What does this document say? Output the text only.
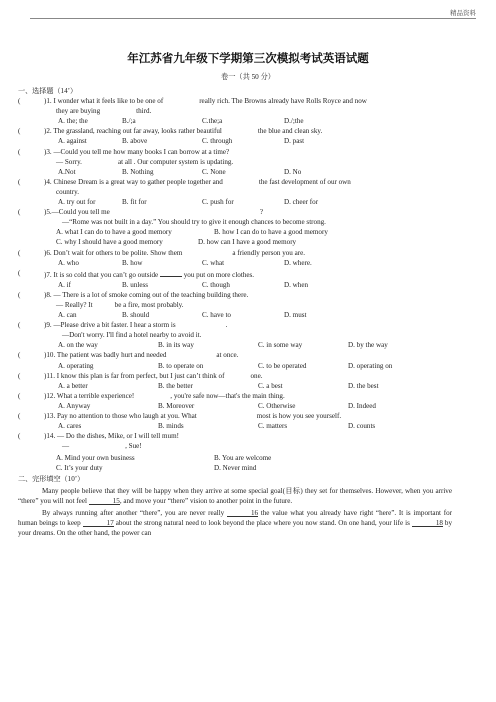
精品资料
年江苏省九年级下学期第三次模拟考试英语试题
卷一（共 50 分）
一、选择题（14’）
(	)1. I wonder what it feels like to be one of	really rich. The Browns already have Rolls Royce and now
they are buying	third.
A. the; the	B./;a	C.the;a	D./;the
(	)2. The grassland, reaching out far away, looks rather beautiful	the blue and clean sky.
A. against	B. above	C. through	D. past
(	)3. —Could you tell me how many books I can borrow at a time?
— Sorry.	at all . Our computer system is updating.
A.Not	B. Nothing	C. None	D. No
(	)4. Chinese Dream is a great way to gather people together and	the fast development of our own
country.
A. try out for	B. fit for	C. push for	D. cheer for
(	)5.—Could you tell me	?
—“Rome was not built in a day.” You should try to give it enough chances to become strong.
A. what I can do to have a good memory	B. how I can do to have a good memory
C. why I should have a good memory	D. how can I have a good memory
(	)6. Don’t wait for others to be polite. Show them	a friendly person you are.
A. who	B. how	C. what	D. where.
(	)7. It is so cold that you can’t go outside	you put on more clothes.
A. if	B. unless	C. though	D. when
(	)8. — There is a lot of smoke coming out of the teaching building there.
— Really? It	be a fire, most probably.
A. can	B. should	C. have to	D. must
(	)9. —Please drive a bit faster. I hear a storm is	.
—Don't worry. I'll find a hotel nearby to avoid it.
A. on the way	B. in its way	C. in some way	D. by the way
(	)10. The patient was badly hurt and needed	at once.
A. operating	B. to operate on	C. to be operated	D. operating on
(	)11. I know this plan is far from perfect, but I just can’t think of	one.
A. a better	B. the better	C. a best	D. the best
(	)12. What a terrible experience!	, you're safe now—that's the main thing.
A. Anyway	B. Moreover	C. Otherwise	D. Indeed
(	)13. Pay no attention to those who laugh at you. What	most is how you see yourself.
A. cares	B. minds	C. matters	D. counts
(	)14. — Do the dishes, Mike, or I will tell mum!
—	, Sue!
A. Mind your own business	B. You are welcome
C. It’s your duty	D. Never mind
二、完形填空（10’）
Many people believe that they will be happy when they arrive at some special goal(目标) they set for themselves. However, when you arrive “there” you will not feel	15, and move your “there” vision to another point in the future.
By always running after another “there”, you are never really	16 the value what you already have right “here”. It is important for human beings to keep	17 about the strong natural need to look beyond the place where you now stand. On one hand, your life is	18 by your dreams. On the other hand, the power can
